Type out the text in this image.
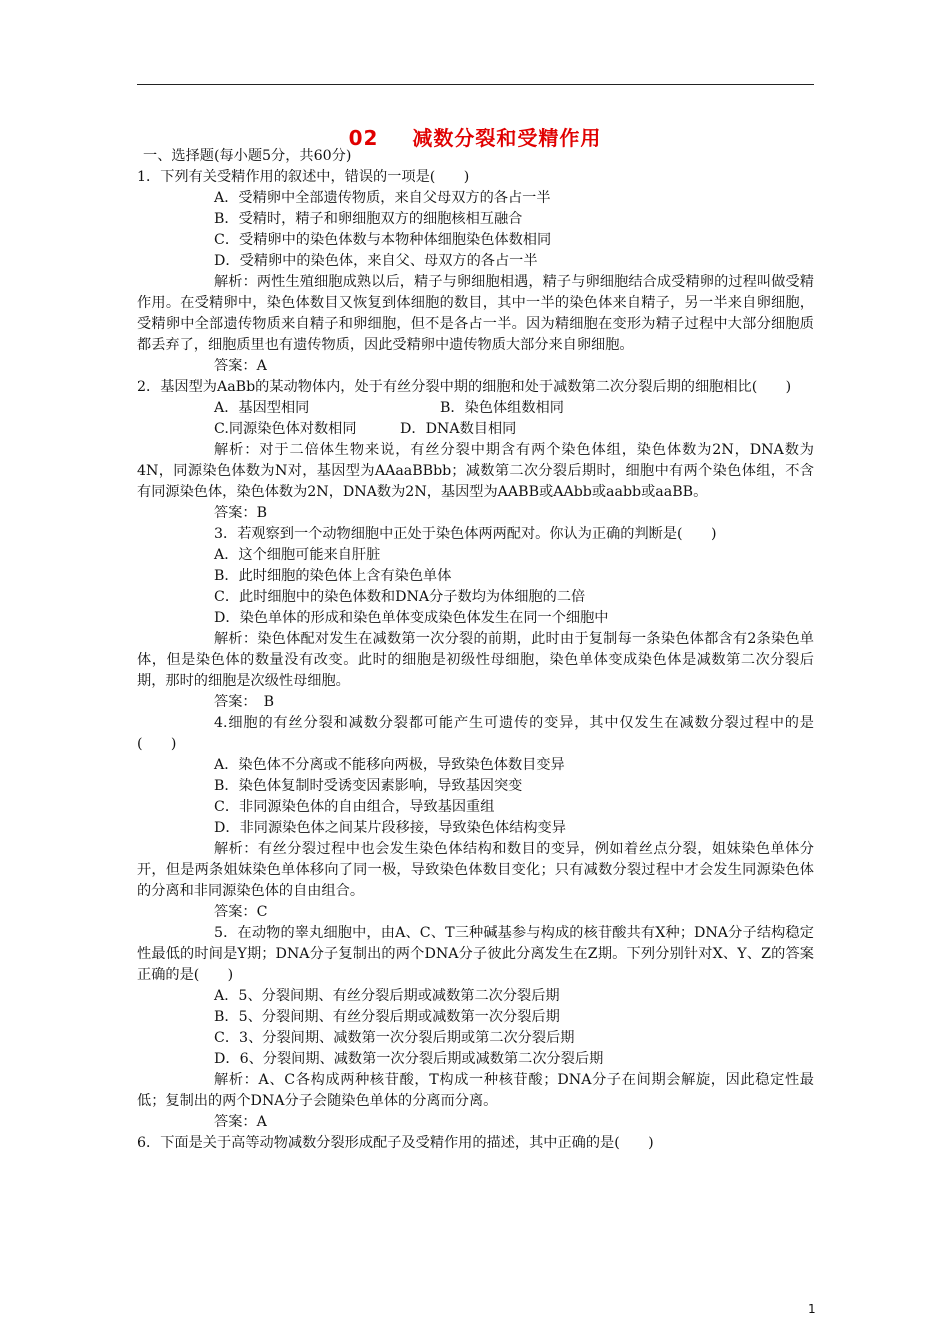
02 减数分裂和受精作用

一、选择题(每小题5分，共60分)

1．下列有关受精作用的叙述中，错误的一项是(　　)

A．受精卵中全部遗传物质，来自父母双方的各占一半

B．受精时，精子和卵细胞双方的细胞核相互融合

C．受精卵中的染色体数与本物种体细胞染色体数相同

D．受精卵中的染色体，来自父、母双方的各占一半

解析：两性生殖细胞成熟以后，精子与卵细胞相遇，精子与卵细胞结合成受精卵的过程叫做受精作用。在受精卵中，染色体数目又恢复到体细胞的数目，其中一半的染色体来自精子，另一半来自卵细胞，受精卵中全部遗传物质来自精子和卵细胞，但不是各占一半。因为精细胞在变形为精子过程中大部分细胞质都丢弃了，细胞质里也有遗传物质，因此受精卵中遗传物质大部分来自卵细胞。

答案：A

2．基因型为AaBb的某动物体内，处于有丝分裂中期的细胞和处于减数第二次分裂后期的细胞相比(　　)

A．基因型相同	B．染色体组数相同

C.同源染色体对数相同	D．DNA数目相同

解析：对于二倍体生物来说，有丝分裂中期含有两个染色体组，染色体数为2N，DNA数为4N，同源染色体数为N对，基因型为AAaaBBbb；减数第二次分裂后期时，细胞中有两个染色体组，不含有同源染色体，染色体数为2N，DNA数为2N，基因型为AABB或AAbb或aabb或aaBB。

答案：B

3．若观察到一个动物细胞中正处于染色体两两配对。你认为正确的判断是(　　)

A．这个细胞可能来自肝脏

B．此时细胞的染色体上含有染色单体

C．此时细胞中的染色体数和DNA分子数均为体细胞的二倍

D．染色单体的形成和染色单体变成染色体发生在同一个细胞中

解析：染色体配对发生在减数第一次分裂的前期，此时由于复制每一条染色体都含有2条染色单体，但是染色体的数量没有改变。此时的细胞是初级性母细胞，染色单体变成染色体是减数第二次分裂后期，那时的细胞是次级性母细胞。

答案：　B

4.细胞的有丝分裂和减数分裂都可能产生可遗传的变异，其中仅发生在减数分裂过程中的是(　　)

A．染色体不分离或不能移向两极，导致染色体数目变异

B．染色体复制时受诱变因素影响，导致基因突变

C．非同源染色体的自由组合，导致基因重组

D．非同源染色体之间某片段移接，导致染色体结构变异

解析：有丝分裂过程中也会发生染色体结构和数目的变异，例如着丝点分裂，姐妹染色单体分开，但是两条姐妹染色单体移向了同一极，导致染色体数目变化；只有减数分裂过程中才会发生同源染色体的分离和非同源染色体的自由组合。

答案：C

5．在动物的睾丸细胞中，由A、C、T三种碱基参与构成的核苷酸共有X种；DNA分子结构稳定性最低的时间是Y期；DNA分子复制出的两个DNA分子彼此分离发生在Z期。下列分别针对X、Y、Z的答案正确的是(　　)

A．5、分裂间期、有丝分裂后期或减数第二次分裂后期

B．5、分裂间期、有丝分裂后期或减数第一次分裂后期

C．3、分裂间期、减数第一次分裂后期或第二次分裂后期

D．6、分裂间期、减数第一次分裂后期或减数第二次分裂后期

解析：A、C各构成两种核苷酸，T构成一种核苷酸；DNA分子在间期会解旋，因此稳定性最低；复制出的两个DNA分子会随染色单体的分离而分离。

答案：A

6．下面是关于高等动物减数分裂形成配子及受精作用的描述，其中正确的是(　　)

1
